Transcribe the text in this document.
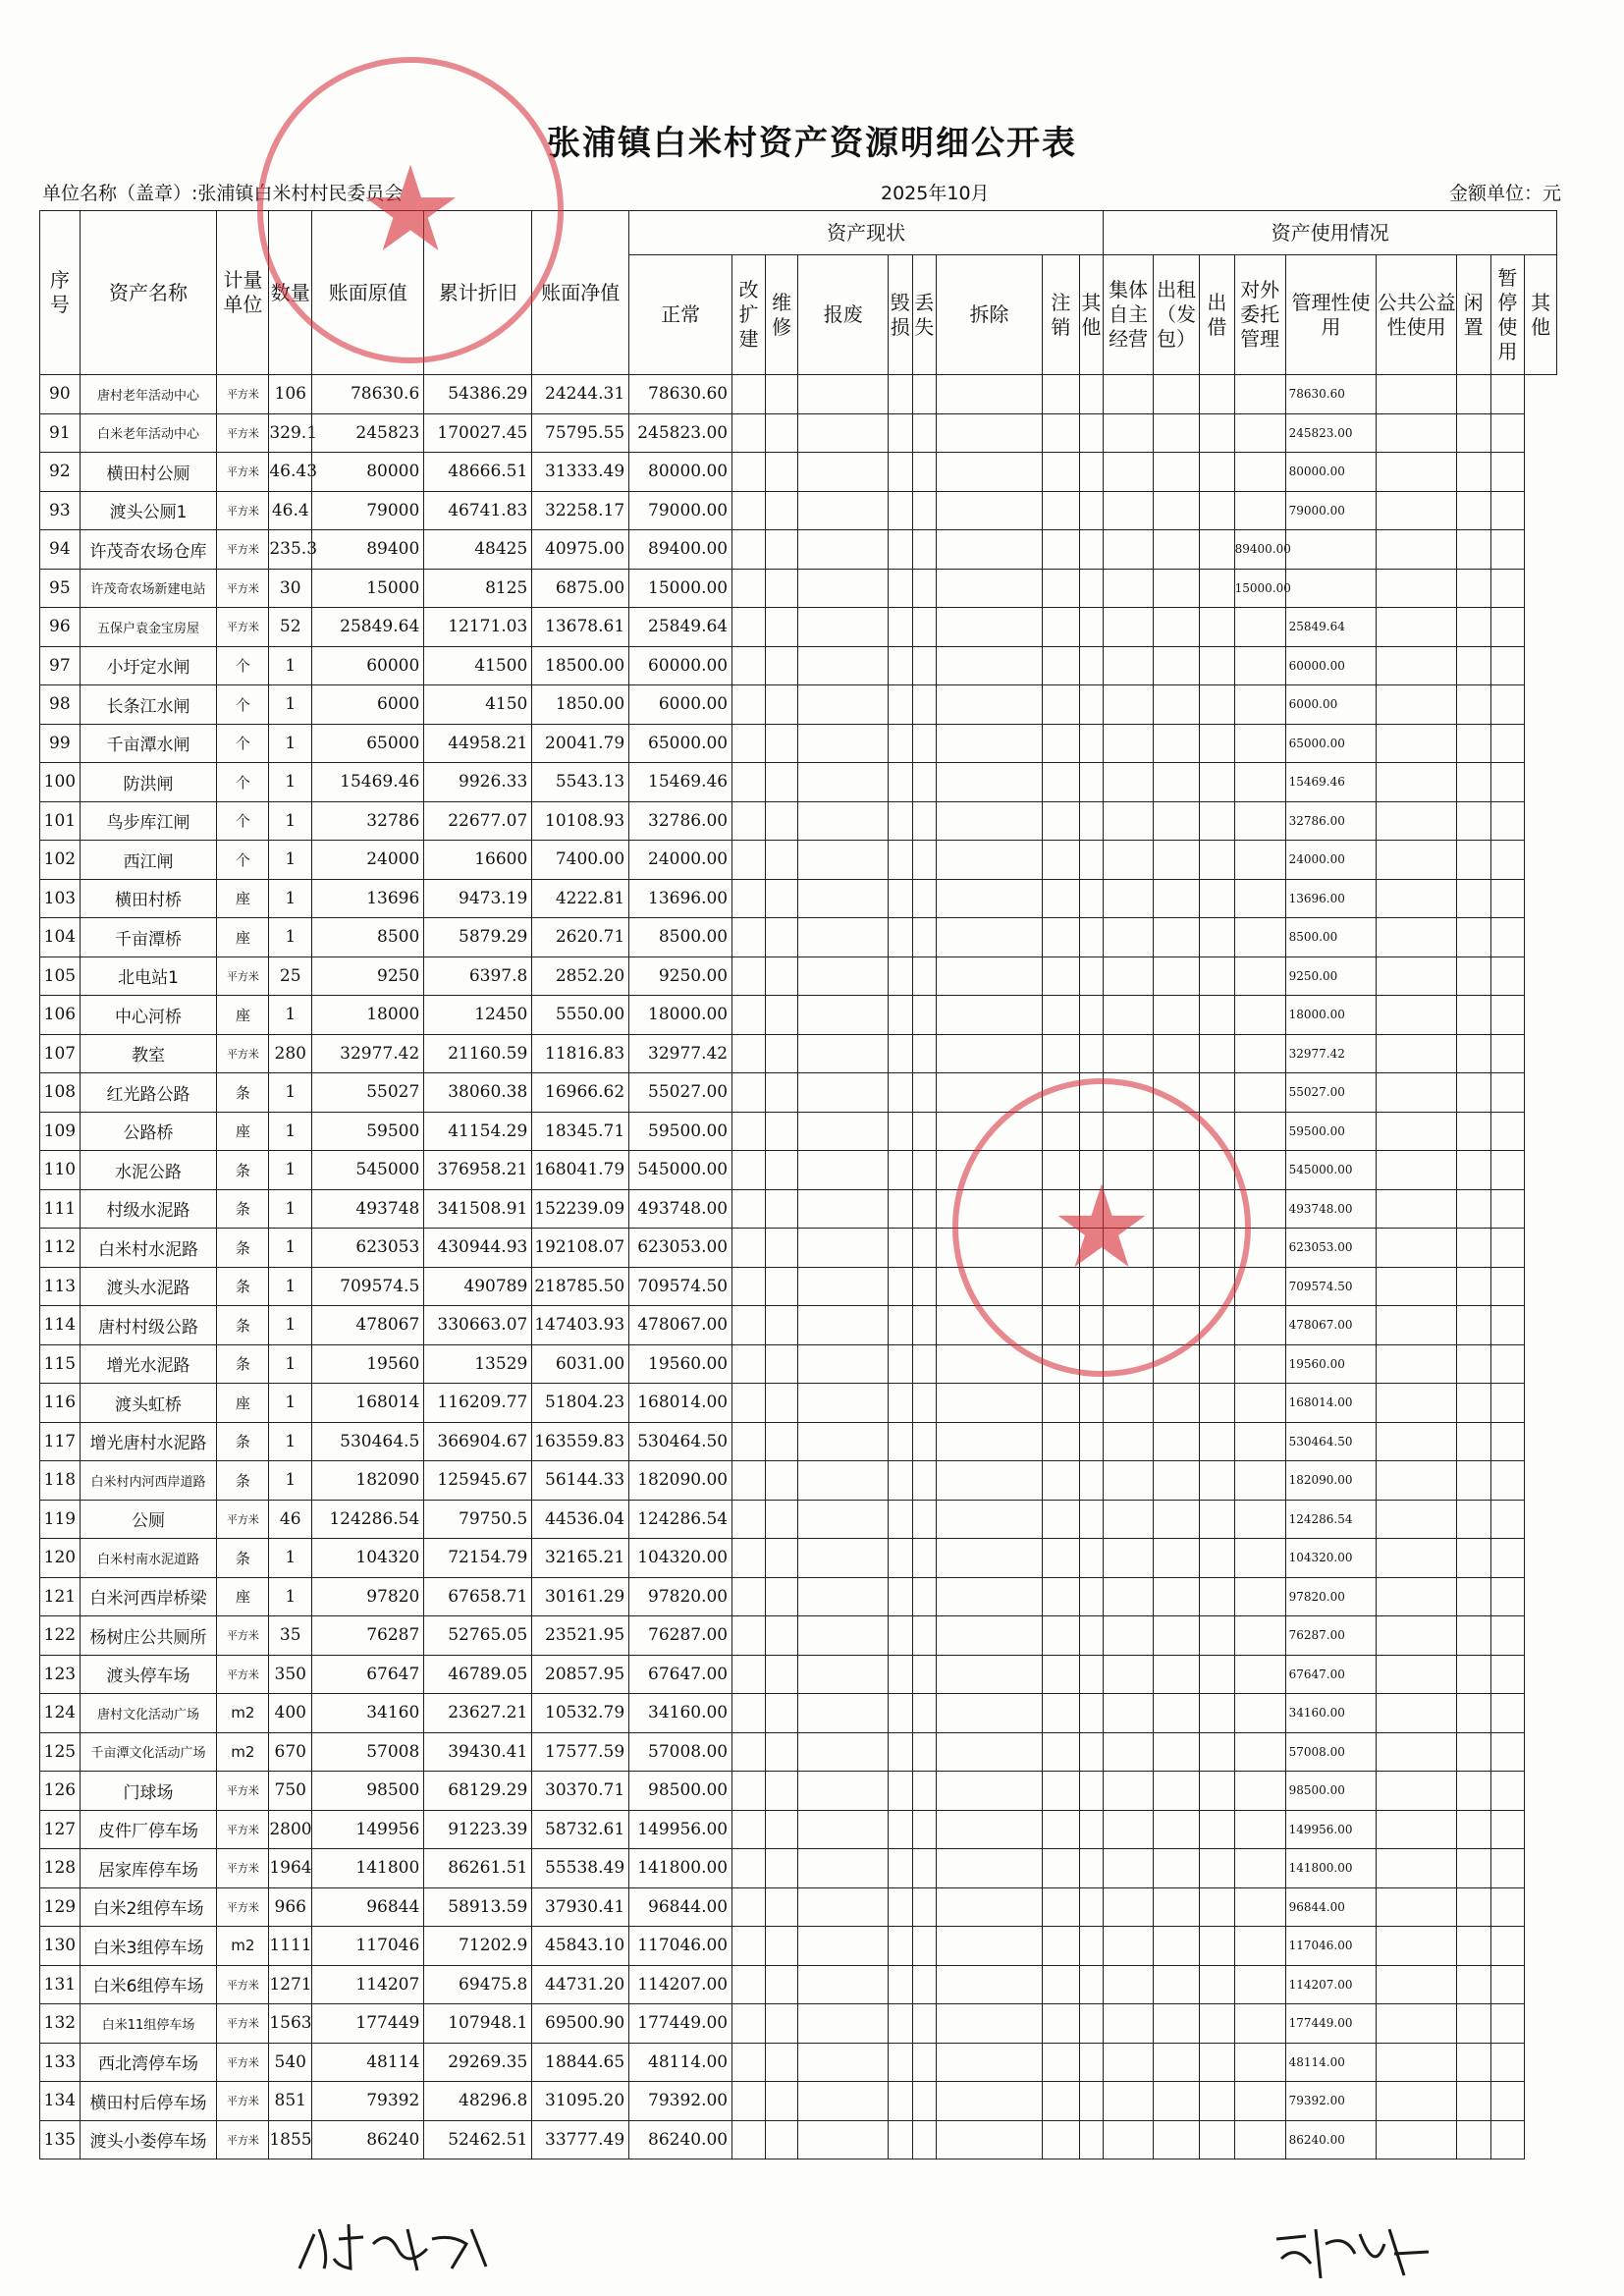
张浦镇白米村资产资源明细公开表
单位名称（盖章）:张浦镇白米村村民委员会	2025年10月	金额单位：元
序号	资产名称	计量单位	数量	账面原值	累计折旧	账面净值	资产现状									资产使用情况								
							正常	改扩建	维修	报废	毁损	丢失	拆除	注销	其他	集体自主经营	出租（发包）	出借	对外委托管理	管理性使用	公共公益性使用	闲置	暂停使用	其他
90	唐村老年活动中心	平方米	106	78630.6	54386.29	24244.31	78630.60													78630.60				
91	白米老年活动中心	平方米	329.1	245823	170027.45	75795.55	245823.00													245823.00				
92	横田村公厕	平方米	46.43	80000	48666.51	31333.49	80000.00													80000.00				
93	渡头公厕1	平方米	46.4	79000	46741.83	32258.17	79000.00													79000.00				
94	许茂奇农场仓库	平方米	235.3	89400	48425	40975.00	89400.00												89400.00					
95	许茂奇农场新建电站	平方米	30	15000	8125	6875.00	15000.00												15000.00					
96	五保户袁金宝房屋	平方米	52	25849.64	12171.03	13678.61	25849.64													25849.64				
97	小圩定水闸	个	1	60000	41500	18500.00	60000.00													60000.00				
98	长条江水闸	个	1	6000	4150	1850.00	6000.00													6000.00				
99	千亩潭水闸	个	1	65000	44958.21	20041.79	65000.00													65000.00				
100	防洪闸	个	1	15469.46	9926.33	5543.13	15469.46													15469.46				
101	鸟步库江闸	个	1	32786	22677.07	10108.93	32786.00													32786.00				
102	西江闸	个	1	24000	16600	7400.00	24000.00													24000.00				
103	横田村桥	座	1	13696	9473.19	4222.81	13696.00													13696.00				
104	千亩潭桥	座	1	8500	5879.29	2620.71	8500.00													8500.00				
105	北电站1	平方米	25	9250	6397.8	2852.20	9250.00													9250.00				
106	中心河桥	座	1	18000	12450	5550.00	18000.00													18000.00				
107	教室	平方米	280	32977.42	21160.59	11816.83	32977.42													32977.42				
108	红光路公路	条	1	55027	38060.38	16966.62	55027.00													55027.00				
109	公路桥	座	1	59500	41154.29	18345.71	59500.00													59500.00				
110	水泥公路	条	1	545000	376958.21	168041.79	545000.00													545000.00				
111	村级水泥路	条	1	493748	341508.91	152239.09	493748.00													493748.00				
112	白米村水泥路	条	1	623053	430944.93	192108.07	623053.00													623053.00				
113	渡头水泥路	条	1	709574.5	490789	218785.50	709574.50													709574.50				
114	唐村村级公路	条	1	478067	330663.07	147403.93	478067.00													478067.00				
115	增光水泥路	条	1	19560	13529	6031.00	19560.00													19560.00				
116	渡头虹桥	座	1	168014	116209.77	51804.23	168014.00													168014.00				
117	增光唐村水泥路	条	1	530464.5	366904.67	163559.83	530464.50													530464.50				
118	白米村内河西岸道路	条	1	182090	125945.67	56144.33	182090.00													182090.00				
119	公厕	平方米	46	124286.54	79750.5	44536.04	124286.54													124286.54				
120	白米村南水泥道路	条	1	104320	72154.79	32165.21	104320.00													104320.00				
121	白米河西岸桥梁	座	1	97820	67658.71	30161.29	97820.00													97820.00				
122	杨树庄公共厕所	平方米	35	76287	52765.05	23521.95	76287.00													76287.00				
123	渡头停车场	平方米	350	67647	46789.05	20857.95	67647.00													67647.00				
124	唐村文化活动广场	m2	400	34160	23627.21	10532.79	34160.00													34160.00				
125	千亩潭文化活动广场	m2	670	57008	39430.41	17577.59	57008.00													57008.00				
126	门球场	平方米	750	98500	68129.29	30370.71	98500.00													98500.00				
127	皮件厂停车场	平方米	2800	149956	91223.39	58732.61	149956.00													149956.00				
128	居家库停车场	平方米	1964	141800	86261.51	55538.49	141800.00													141800.00				
129	白米2组停车场	平方米	966	96844	58913.59	37930.41	96844.00													96844.00				
130	白米3组停车场	m2	1111	117046	71202.9	45843.10	117046.00													117046.00				
131	白米6组停车场	平方米	1271	114207	69475.8	44731.20	114207.00													114207.00				
132	白米11组停车场	平方米	1563	177449	107948.1	69500.90	177449.00													177449.00				
133	西北湾停车场	平方米	540	48114	29269.35	18844.65	48114.00													48114.00				
134	横田村后停车场	平方米	851	79392	48296.8	31095.20	79392.00													79392.00				
135	渡头小娄停车场	平方米	1855	86240	52462.51	33777.49	86240.00													86240.00				
★
★
